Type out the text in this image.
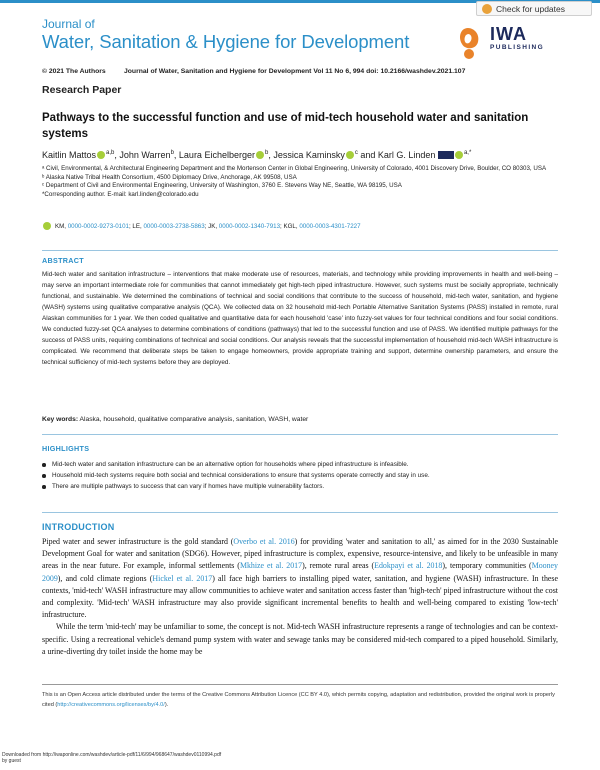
Journal of
Water, Sanitation & Hygiene for Development
Check for updates
IWA
PUBLISHING
© 2021 The Authors	Journal of Water, Sanitation and Hygiene for Development Vol 11 No 6, 994 doi: 10.2166/washdev.2021.107
Research Paper
Pathways to the successful function and use of mid-tech household water and sanitation systems
Kaitlin Mattos $^{a,b}$, John Warren$^b$, Laura Eichelberger $^b$, Jessica Kaminsky $^c$ and Karl G. Linden	$^{a,*}$
ᵃ Civil, Environmental, & Architectural Engineering Department and the Mortenson Center in Global Engineering, University of Colorado, 4001 Discovery Drive, Boulder, CO 80303, USA
ᵇ Alaska Native Tribal Health Consortium, 4500 Diplomacy Drive, Anchorage, AK 99508, USA
ᶜ Department of Civil and Environmental Engineering, University of Washington, 3760 E. Stevens Way NE, Seattle, WA 98195, USA
*Corresponding author. E-mail: karl.linden@colorado.edu
KM, 0000-0002-9273-0101; LE, 0000-0003-2738-5863; JK, 0000-0002-1340-7913; KGL, 0000-0003-4301-7227
ABSTRACT
Mid-tech water and sanitation infrastructure – interventions that make moderate use of resources, materials, and technology while providing improvements in health and well-being – may serve an important intermediate role for communities that cannot immediately get high-tech piped infrastructure. However, such systems must be socially appropriate, technically functional, and sustainable. We determined the combinations of technical and social conditions that contribute to the success of household, mid-tech water, sanitation, and hygiene (WASH) systems using qualitative comparative analysis (QCA). We collected data on 32 household mid-tech Portable Alternative Sanitation Systems (PASS) installed in remote, rural Alaskan communities for 1 year. We then coded qualitative and quantitative data for each household 'case' into fuzzy-set values for four technical conditions and four social conditions. We conducted fuzzy-set QCA analyses to determine combinations of conditions (pathways) that led to the successful function and use of PASS. We identified multiple pathways for the success of PASS units, requiring combinations of technical and social conditions. Our analysis reveals that the successful implementation of household mid-tech WASH infrastructure is complicated. We recommend that deliberate steps be taken to engage homeowners, provide appropriate training and support, determine ownership parameters, and ensure the technical sufficiency of mid-tech systems before they are deployed.
Key words: Alaska, household, qualitative comparative analysis, sanitation, WASH, water
HIGHLIGHTS
Mid-tech water and sanitation infrastructure can be an alternative option for households where piped infrastructure is infeasible.
Household mid-tech systems require both social and technical considerations to ensure that systems operate correctly and stay in use.
There are multiple pathways to success that can vary if homes have multiple vulnerability factors.
INTRODUCTION

Piped water and sewer infrastructure is the gold standard (Overbo et al. 2016) for providing 'water and sanitation to all,' as aimed for in the 2030 Sustainable Development Goal for water and sanitation (SDG6). However, piped infrastructure is complex, expensive, resource-intensive, and likely to be unfeasible in many areas in the near future. For example, informal settlements (Mkhize et al. 2017), remote rural areas (Edokpayi et al. 2018), temporary communities (Mooney 2009), and cold climate regions (Hickel et al. 2017) all face high barriers to installing piped water, sanitation, and hygiene (WASH) infrastructure. In these contexts, 'mid-tech' WASH infrastructure may allow communities to achieve water and sanitation access faster than 'high-tech' piped infrastructure without the cost and complexity. 'Mid-tech' WASH infrastructure may also provide significant incremental benefits to health and well-being compared to existing 'low-tech' infrastructure.

While the term 'mid-tech' may be unfamiliar to some, the concept is not. Mid-tech WASH infrastructure represents a range of technologies and can be context-specific. Using a recreational vehicle's demand pump system with water and sewage tanks may be considered mid-tech compared to a piped household. Similarly, a urine-diverting dry toilet inside the home may be

This is an Open Access article distributed under the terms of the Creative Commons Attribution Licence (CC BY 4.0), which permits copying, adaptation and redistribution, provided the original work is properly cited (http://creativecommons.org/licenses/by/4.0/).
Downloaded from http://iwaponline.com/washdev/article-pdf/11/6/994/968647/washdev0110994.pdf
by guest
